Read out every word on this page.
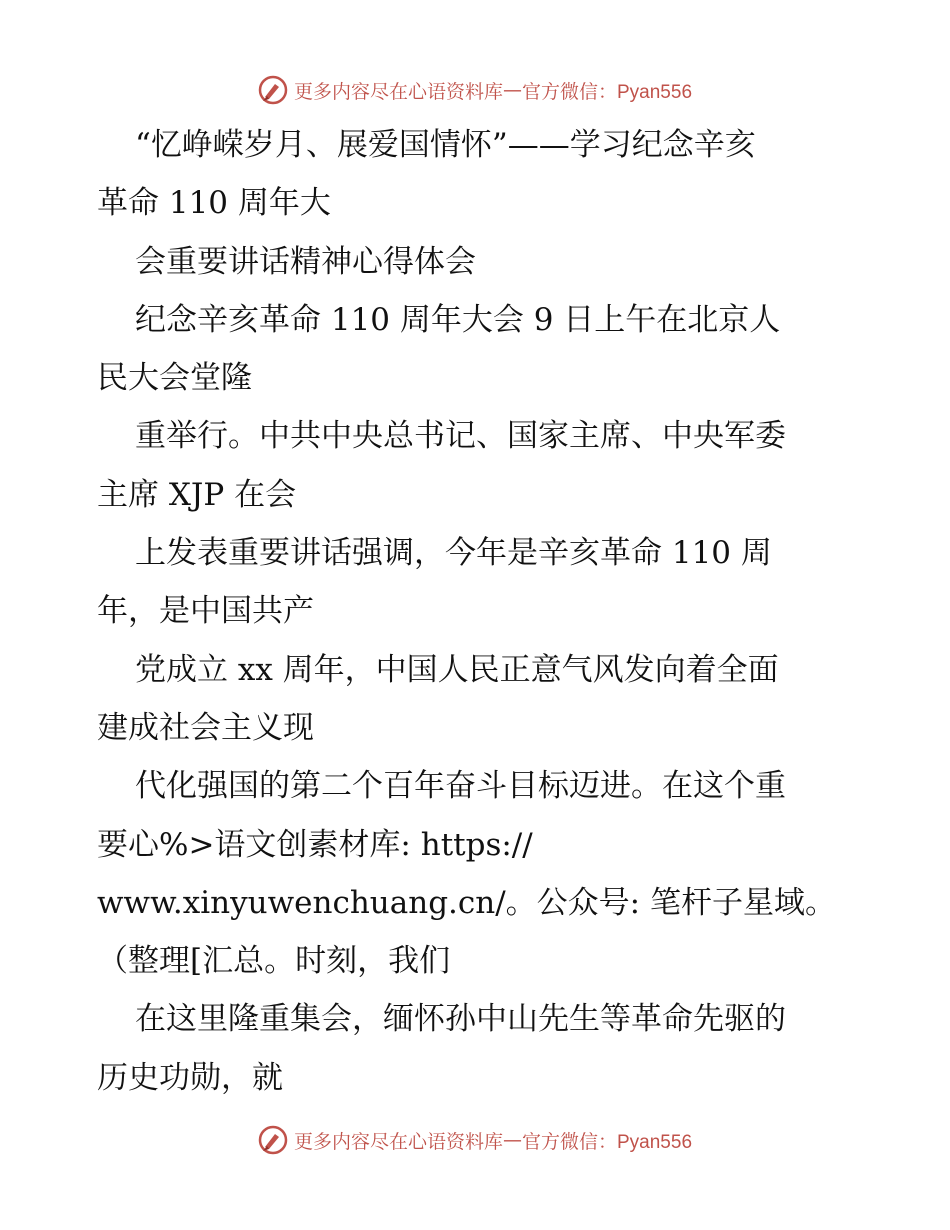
更多内容尽在心语资料库 — 官方微信：Pyan556
“忆峥嵘岁月、展爱国情怀”——学习纪念辛亥
革命 110 周年大
会重要讲话精神心得体会
纪念辛亥革命 110 周年大会 9 日上午在北京人
民大会堂隆
重举行。中共中央总书记、国家主席、中央军委
主席 XJP 在会
上发表重要讲话强调，今年是辛亥革命 110 周
年，是中国共产
党成立 xx 周年，中国人民正意气风发向着全面
建成社会主义现
代化强国的第二个百年奋斗目标迈进。在这个重
要心%>语文创素材库: https://
www.xinyuwenchuang.cn/。公众号: 笔杆子星域。
（整理[汇总。时刻，我们
在这里隆重集会，缅怀孙中山先生等革命先驱的
历史功勋，就
更多内容尽在心语资料库 — 官方微信：Pyan556
